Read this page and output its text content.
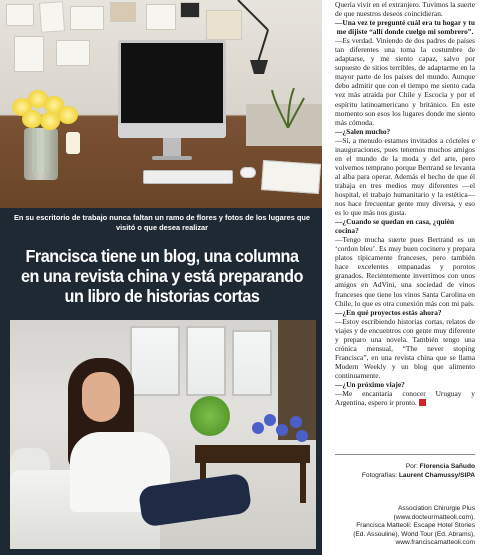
En su escritorio de trabajo nunca faltan un ramo de flores y fotos de los lugares que visitó o que desea realizar
Francisca tiene un blog, una columna en una revista china y está preparando un libro de historias cortas

Quería vivir en el extranjero. Tuvimos la suerte de que nuestros deseos coincidieran.

—Una vez te pregunté cuál era tu hogar y tu me dijiste “allí donde cuelgo mi sombrero”.

—Es verdad. Viniendo de dos padres de países tan diferentes una toma la costumbre de adaptarse, y me siento capaz, salvo por supuesto de sitios terribles, de adaptarme en la mayor parte de los países del mundo. Aunque debo admitir que con el tiempo me siento cada vez más atraída por Chile y Escocia y por el espíritu latinoamericano y británico. En este momento son esos los lugares donde me siento más cómoda.

—¿Salen mucho?

—Sí, a menudo estamos invitados a cócteles e inauguraciones, pues tenemos muchos amigos en el mundo de la moda y del arte, pero volvemos temprano porque Bertrand se levanta al alba para operar. Además el hecho de que él trabaja en tres medios muy diferentes —el hospital, el trabajo humanitario y la estética— nos hace frecuentar gente muy diversa, y eso es lo que más nos gusta.

—¿Cuando se quedan en casa, ¿quién cocina?

—Tengo mucha suerte pues Bertrand es un ‘cordon bleu’. Es muy buen cocinero y prepara platos típicamente franceses, pero también hace excelentes empanadas y porotos granados. Recientemente invertimos con unos amigos en AdVini, una sociedad de vinos franceses que tiene los vinos Santa Carolina en Chile, lo que es otra conexión más con mi país.

—¿En qué proyectos estás ahora?

—Estoy escribiendo historias cortas, relatos de viajes y de encuentros con gente muy diferente y preparo una novela. También tengo una crónica mensual, “The never stoping Francisca”, en una revista china que se llama Modern Weekly y un blog que alimento continuamente.

—¿Un próximo viaje?

—Me encantaría conocer Uruguay y Argentina, espero ir pronto.

Por: Florencia Sañudo
Fotografías: Laurent Chamussy/SIPA
Association Chirurgie Plus
(www.docteurmatteoli.com).
Francisca Matteoli: Escape Hotel Stories
(Ed. Assouline), World Tour (Ed. Abrams),
www.franciscamatteoli.com
